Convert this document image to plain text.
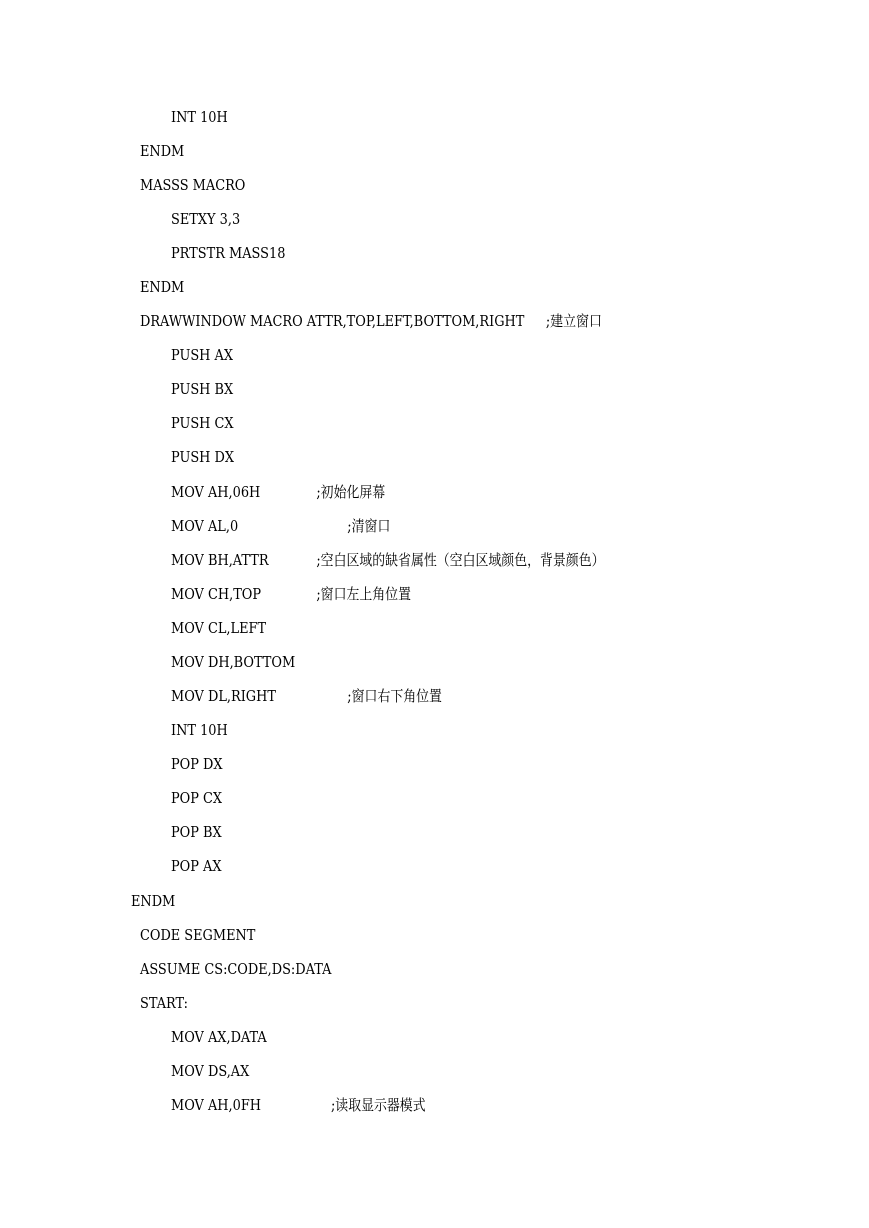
INT 10H
ENDM
MASSS MACRO
SETXY 3,3
PRTSTR MASS18
ENDM
DRAWWINDOW MACRO ATTR,TOP,LEFT,BOTTOM,RIGHT ;建立窗口
PUSH AX
PUSH BX
PUSH CX
PUSH DX
MOV AH,06H	;初始化屏幕
MOV AL,0	;清窗口
MOV BH,ATTR	;空白区域的缺省属性（空白区域颜色，背景颜色）
MOV CH,TOP	;窗口左上角位置
MOV CL,LEFT
MOV DH,BOTTOM
MOV DL,RIGHT	;窗口右下角位置
INT 10H
POP DX
POP CX
POP BX
POP AX
ENDM
CODE SEGMENT
ASSUME CS:CODE,DS:DATA
START:
MOV AX,DATA
MOV DS,AX
MOV AH,0FH	;读取显示器模式
